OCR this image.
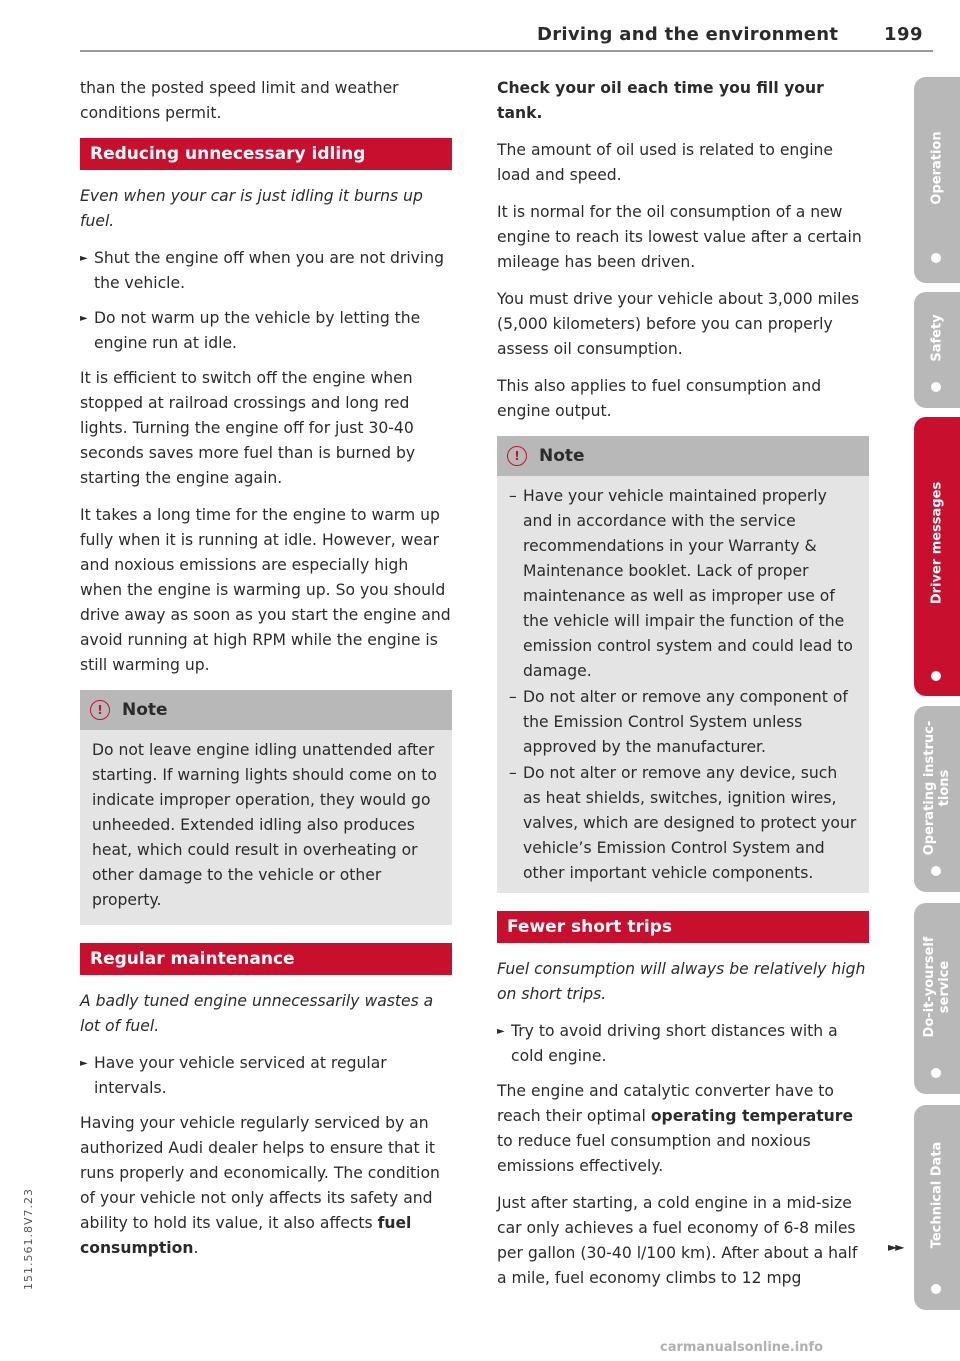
Driving and the environment	199

than the posted speed limit and weather conditions permit.

Reducing unnecessary idling

Even when your car is just idling it burns up fuel.

► Shut the engine off when you are not driving the vehicle.
► Do not warm up the vehicle by letting the engine run at idle.

It is efficient to switch off the engine when stopped at railroad crossings and long red lights. Turning the engine off for just 30-40 seconds saves more fuel than is burned by starting the engine again.

It takes a long time for the engine to warm up fully when it is running at idle. However, wear and noxious emissions are especially high when the engine is warming up. So you should drive away as soon as you start the engine and avoid running at high RPM while the engine is still warming up.

!	Note

Do not leave engine idling unattended after starting. If warning lights should come on to indicate improper operation, they would go unheeded. Extended idling also produces heat, which could result in overheating or other damage to the vehicle or other property.

Regular maintenance

A badly tuned engine unnecessarily wastes a lot of fuel.

► Have your vehicle serviced at regular intervals.

Having your vehicle regularly serviced by an authorized Audi dealer helps to ensure that it runs properly and economically. The condition of your vehicle not only affects its safety and ability to hold its value, it also affects fuel consumption.

Check your oil each time you fill your tank.

The amount of oil used is related to engine load and speed.

It is normal for the oil consumption of a new engine to reach its lowest value after a certain mileage has been driven.

You must drive your vehicle about 3,000 miles (5,000 kilometers) before you can properly assess oil consumption.

This also applies to fuel consumption and engine output.

!	Note
– Have your vehicle maintained properly and in accordance with the service recommendations in your Warranty & Maintenance booklet. Lack of proper maintenance as well as improper use of the vehicle will impair the function of the emission control system and could lead to damage.
– Do not alter or remove any component of the Emission Control System unless approved by the manufacturer.
– Do not alter or remove any device, such as heat shields, switches, ignition wires, valves, which are designed to protect your vehicle’s Emission Control System and other important vehicle components.
Fewer short trips

Fuel consumption will always be relatively high on short trips.

► Try to avoid driving short distances with a cold engine.

The engine and catalytic converter have to reach their optimal operating temperature to reduce fuel consumption and noxious emissions effectively.

Just after starting, a cold engine in a mid-size car only achieves a fuel economy of 6-8 miles per gallon (30-40 l/100 km). After about a half a mile, fuel economy climbs to 12 mpg

►►
Operation
Safety
Driver messages
Operating instruc-
tions
Do-it-yourself
service
Technical Data
151.561.8V7.23
carmanualsonline.info
